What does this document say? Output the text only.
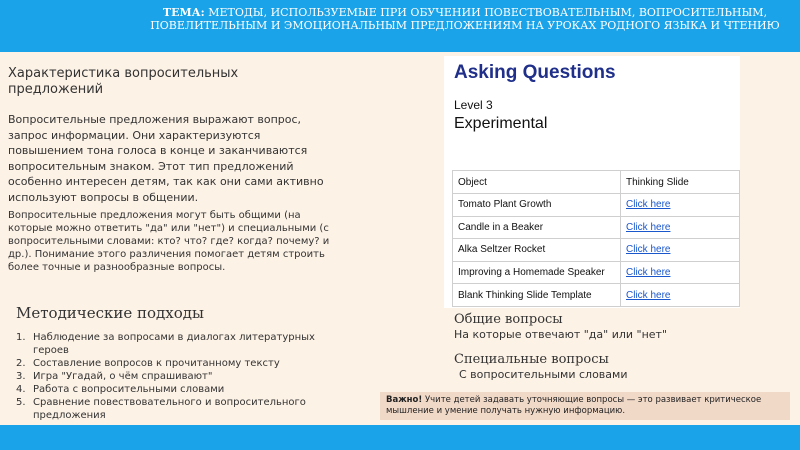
ТЕМА: МЕТОДЫ, ИСПОЛЬЗУЕМЫЕ ПРИ ОБУЧЕНИИ ПОВЕСТВОВАТЕЛЬНЫМ, ВОПРОСИТЕЛЬНЫМ, ПОВЕЛИТЕЛЬНЫМ И ЭМОЦИОНАЛЬНЫМ ПРЕДЛОЖЕНИЯМ НА УРОКАХ РОДНОГО ЯЗЫКА И ЧТЕНИЮ
Характеристика вопросительных предложений
Вопросительные предложения выражают вопрос, запрос информации. Они характеризуются повышением тона голоса в конце и заканчиваются вопросительным знаком. Этот тип предложений особенно интересен детям, так как они сами активно используют вопросы в общении.
Вопросительные предложения могут быть общими (на которые можно ответить "да" или "нет") и специальными (с вопросительными словами: кто? что? где? когда? почему? и др.). Понимание этого различения помогает детям строить более точные и разнообразные вопросы.
Методические подходы
1. Наблюдение за вопросами в диалогах литературных героев
2. Составление вопросов к прочитанному тексту
3. Игра "Угадай, о чём спрашивают"
4. Работа с вопросительными словами
5. Сравнение повествовательного и вопросительного предложения
Asking Questions
Level 3
Experimental
Object	Thinking Slide
Tomato Plant Growth	Click here
Candle in a Beaker	Click here
Alka Seltzer Rocket	Click here
Improving a Homemade Speaker	Click here
Blank Thinking Slide Template	Click here
Общие вопросы
На которые отвечают "да" или "нет"
Специальные вопросы
С вопросительными словами
Важно! Учите детей задавать уточняющие вопросы — это развивает критическое мышление и умение получать нужную информацию.
